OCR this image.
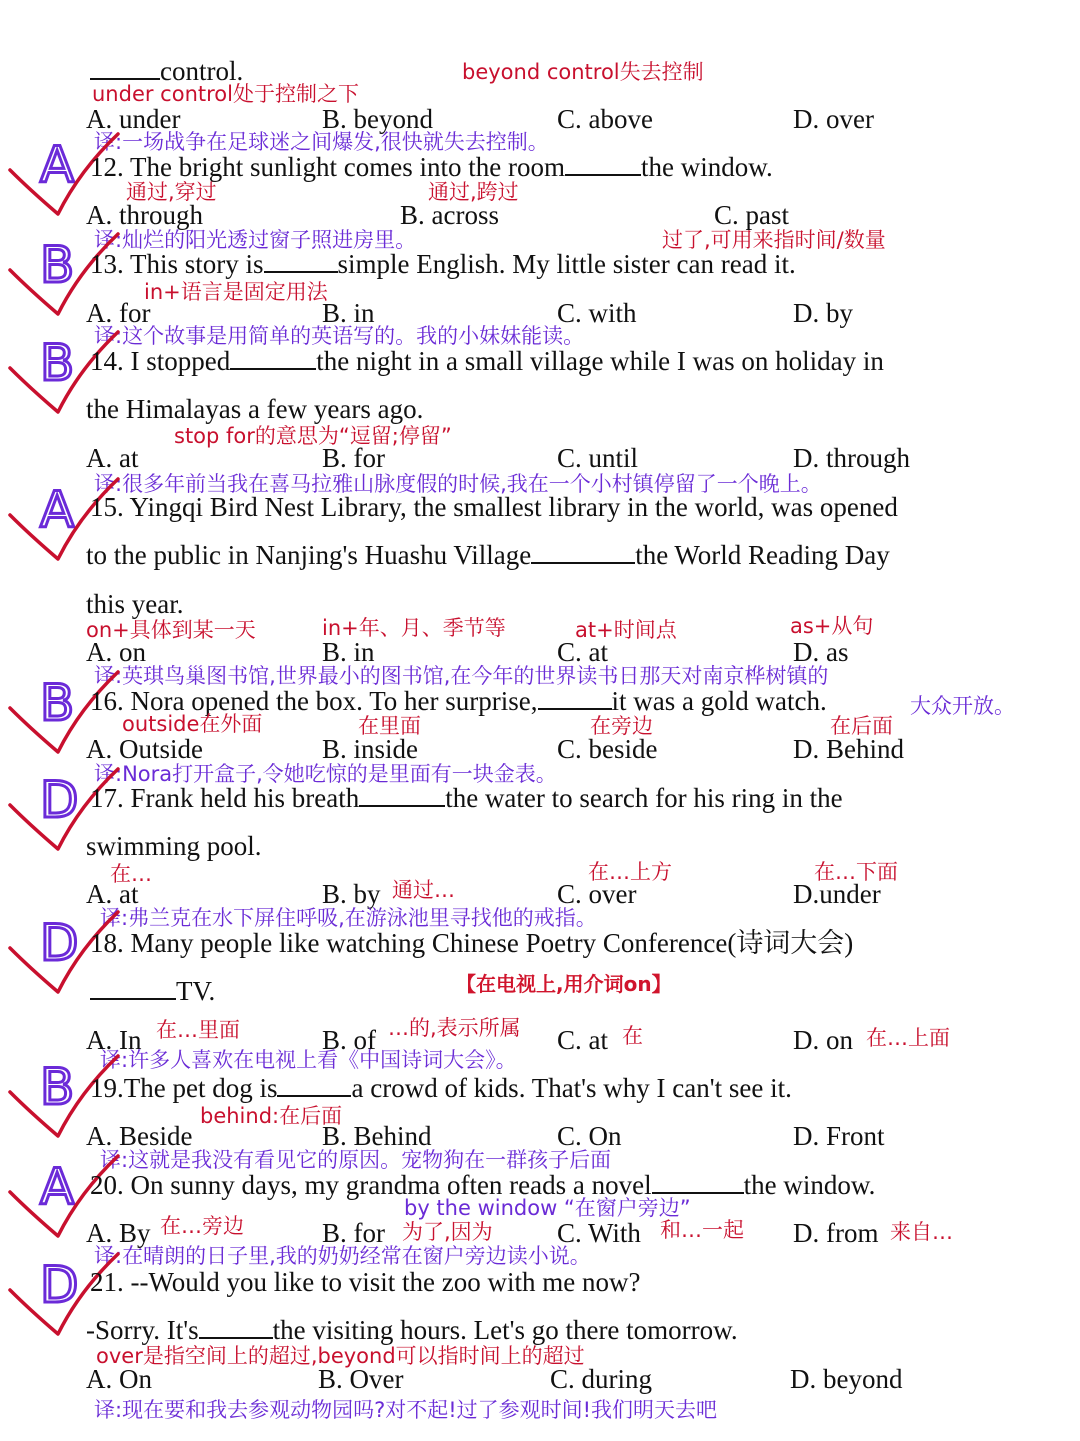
control.	beyond control失去控制
under control处于控制之下
A. under	B. beyond	C. above	D. over
译:一场战争在足球迷之间爆发,很快就失去控制。
A 12. The bright sunlight comes into the room	the window.
通过,穿过	通过,跨过
A. through	B. across	C. past
译:灿烂的阳光透过窗子照进房里。	过了,可用来指时间/数量
B 13. This story is	simple English. My little sister can read it.
in+语言是固定用法
A. for	B. in	C. with	D. by
译:这个故事是用简单的英语写的。我的小妹妹能读。
B 14. I stopped	the night in a small village while I was on holiday in
the Himalayas a few years ago.
stop for的意思为“逗留;停留”
A. at	B. for	C. until	D. through
译:很多年前当我在喜马拉雅山脉度假的时候,我在一个小村镇停留了一个晚上。
A 15. Yingqi Bird Nest Library, the smallest library in the world, was opened
to the public in Nanjing's Huashu Village	the World Reading Day
this year.
on+具体到某一天	in+年、月、季节等	at+时间点	as+从句
A. on	B. in	C. at	D. as
译:英琪鸟巢图书馆,世界最小的图书馆,在今年的世界读书日那天对南京桦树镇的
大众开放。
B 16. Nora opened the box. To her surprise,	it was a gold watch.
outside在外面	在里面	在旁边	在后面
A. Outside	B. inside	C. beside	D. Behind
译:Nora打开盒子,令她吃惊的是里面有一块金表。
D 17. Frank held his breath	the water to search for his ring in the
swimming pool.
在…	在…上方	在…下面
A. at	B. by 通过…	C. over	D.under
译:弗兰克在水下屏住呼吸,在游泳池里寻找他的戒指。
D 18. Many people like watching Chinese Poetry Conference(诗词大会)
TV.	【在电视上,用介词on】
A. In 在…里面	B. of …的,表示所属 C. at 在	D. on 在…上面
译:许多人喜欢在电视上看《中国诗词大会》。
B 19.The pet dog is	a crowd of kids. That's why I can't see it.
behind:在后面
A. Beside	B. Behind	C. On	D. Front
译:这就是我没有看见它的原因。宠物狗在一群孩子后面
A 20. On sunny days, my grandma often reads a novel	the window.
by the window “在窗户旁边”
A. By 在…旁边	B. for 为了,因为 C. With 和…一起 D. from 来自…
译:在晴朗的日子里,我的奶奶经常在窗户旁边读小说。
D 21. --Would you like to visit the zoo with me now?
-Sorry. It's	the visiting hours. Let's go there tomorrow.
over是指空间上的超过,beyond可以指时间上的超过
A. On	B. Over	C. during	D. beyond
译:现在要和我去参观动物园吗?对不起!过了参观时间!我们明天去吧
